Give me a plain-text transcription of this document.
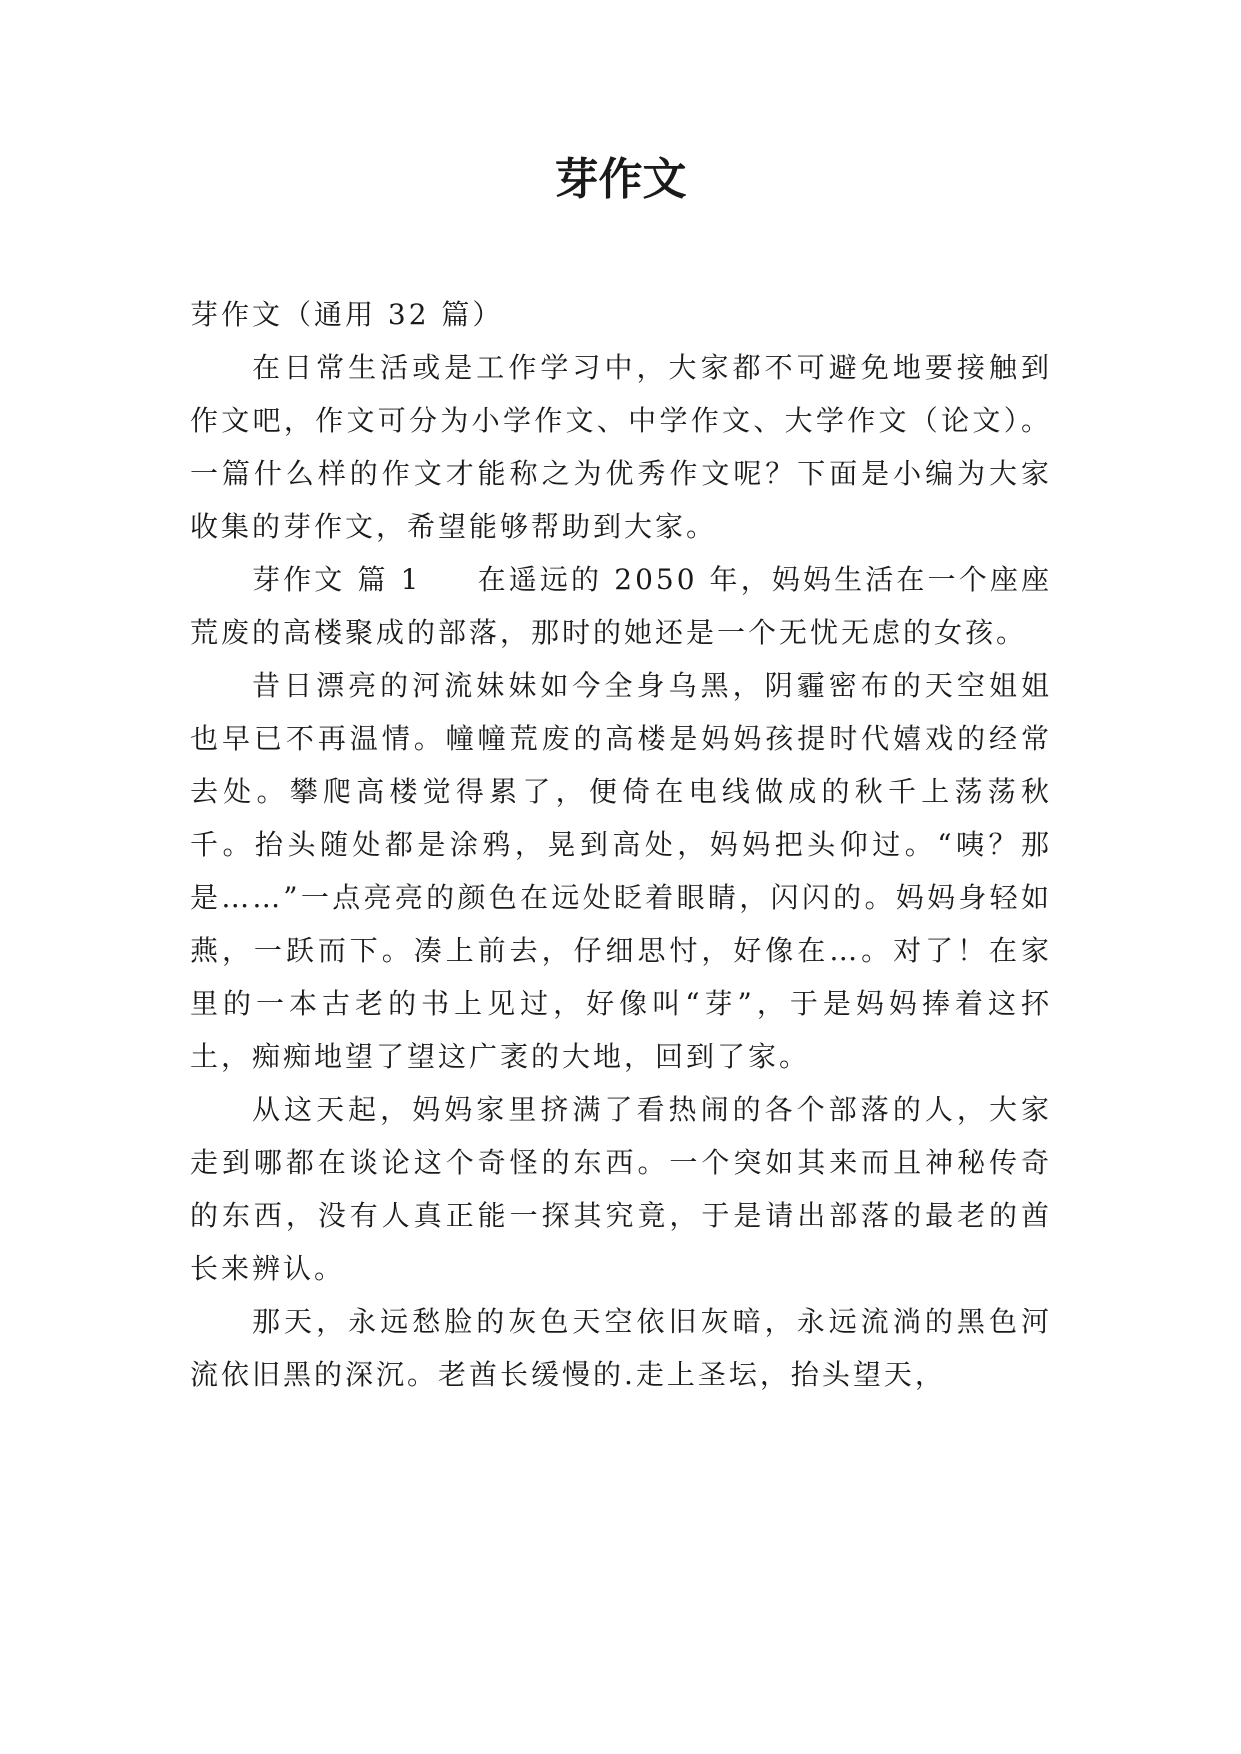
芽作文

芽作文（通用 32 篇）

在日常生活或是工作学习中，大家都不可避免地要接触到作文吧，作文可分为小学作文、中学作文、大学作文（论文）。一篇什么样的作文才能称之为优秀作文呢？下面是小编为大家收集的芽作文，希望能够帮助到大家。

芽作文 篇 1 在遥远的 2050 年，妈妈生活在一个座座荒废的高楼聚成的部落，那时的她还是一个无忧无虑的女孩。

昔日漂亮的河流妹妹如今全身乌黑，阴霾密布的天空姐姐也早已不再温情。幢幢荒废的高楼是妈妈孩提时代嬉戏的经常去处。攀爬高楼觉得累了，便倚在电线做成的秋千上荡荡秋千。抬头随处都是涂鸦，晃到高处，妈妈把头仰过。“咦？那是……”一点亮亮的颜色在远处眨着眼睛，闪闪的。妈妈身轻如燕，一跃而下。凑上前去，仔细思忖，好像在…。对了！在家里的一本古老的书上见过，好像叫“芽”，于是妈妈捧着这抔土，痴痴地望了望这广袤的大地，回到了家。

从这天起，妈妈家里挤满了看热闹的各个部落的人，大家走到哪都在谈论这个奇怪的东西。一个突如其来而且神秘传奇的东西，没有人真正能一探其究竟，于是请出部落的最老的酋长来辨认。

那天，永远愁脸的灰色天空依旧灰暗，永远流淌的黑色河流依旧黑的深沉。老酋长缓慢的.走上圣坛，抬头望天，
